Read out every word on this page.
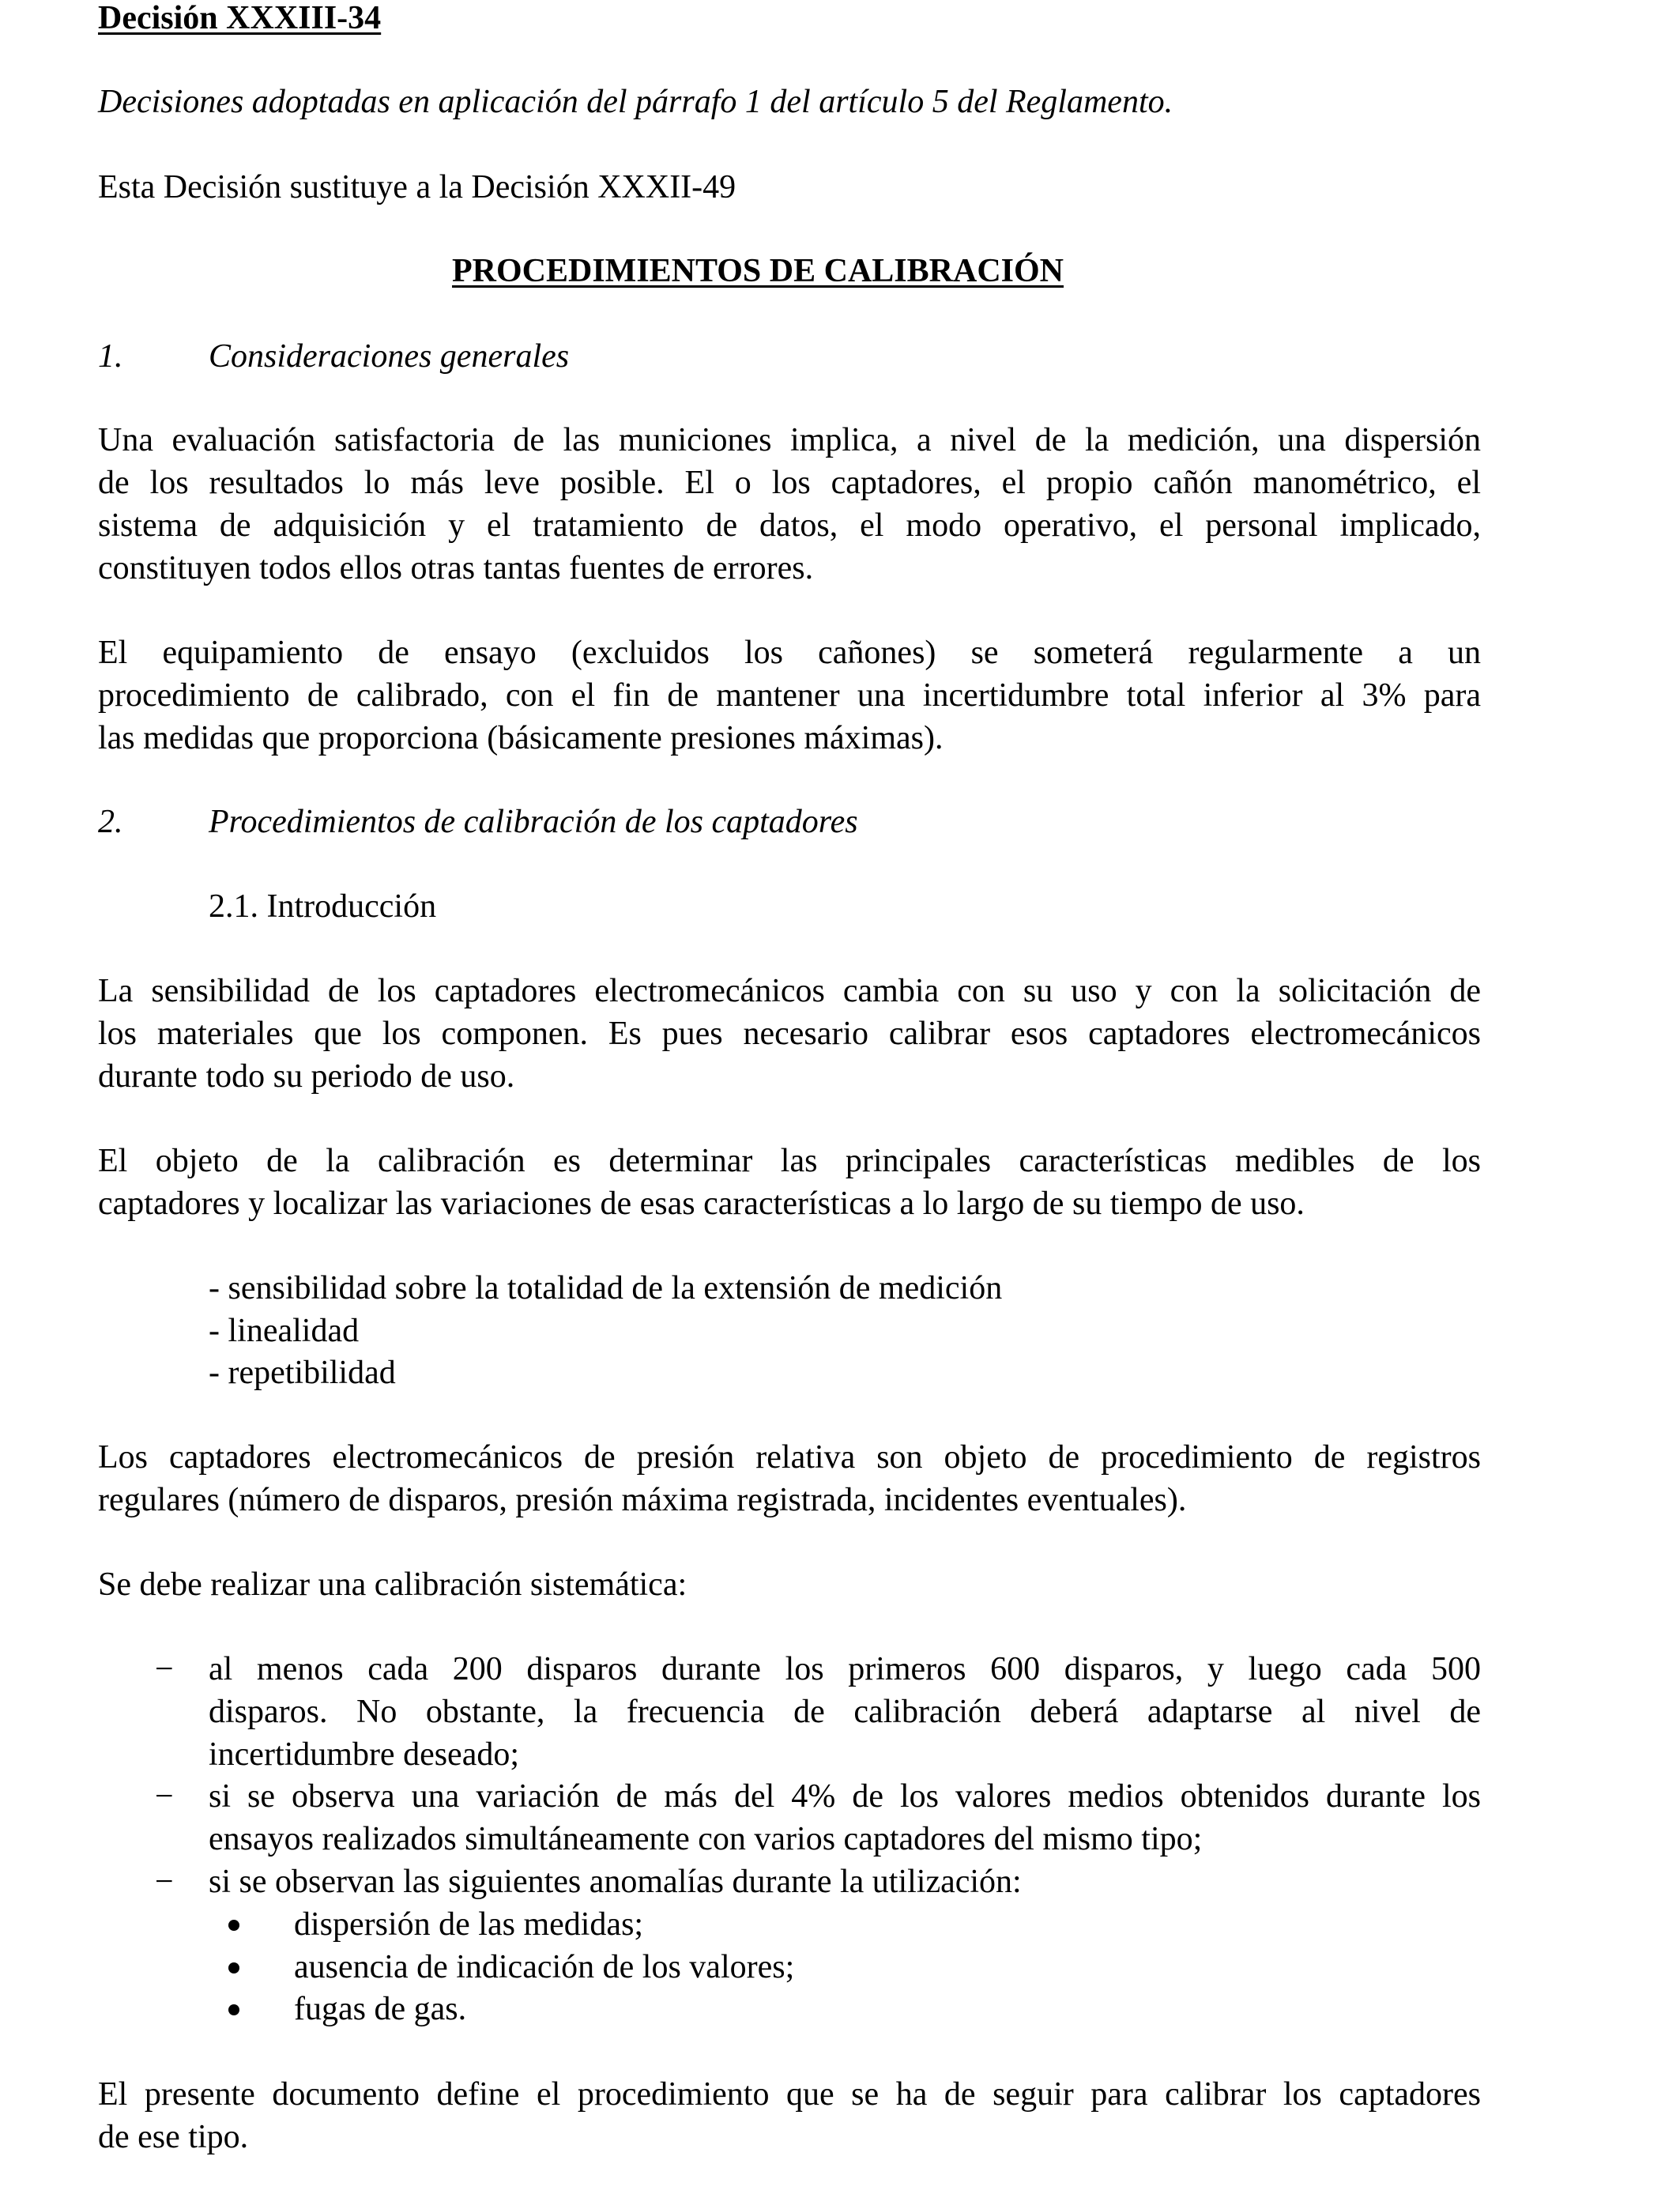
Decisión XXXIII-34
Decisiones adoptadas en aplicación del párrafo 1 del artículo 5 del Reglamento.
Esta Decisión sustituye a la Decisión XXXII-49
PROCEDIMIENTOS DE CALIBRACIÓN
1.	Consideraciones generales

Una evaluación satisfactoria de las municiones implica, a nivel de la medición, una dispersión

de los resultados lo más leve posible. El o los captadores, el propio cañón manométrico, el

sistema de adquisición y el tratamiento de datos, el modo operativo, el personal implicado,

constituyen todos ellos otras tantas fuentes de errores.

El equipamiento de ensayo (excluidos los cañones) se someterá regularmente a un

procedimiento de calibrado, con el fin de mantener una incertidumbre total inferior al 3% para

las medidas que proporciona (básicamente presiones máximas).

2.	Procedimientos de calibración de los captadores
2.1. Introducción

La sensibilidad de los captadores electromecánicos cambia con su uso y con la solicitación de

los materiales que los componen. Es pues necesario calibrar esos captadores electromecánicos

durante todo su periodo de uso.

El objeto de la calibración es determinar las principales características medibles de los

captadores y localizar las variaciones de esas características a lo largo de su tiempo de uso.

- sensibilidad sobre la totalidad de la extensión de medición
- linealidad
- repetibilidad

Los captadores electromecánicos de presión relativa son objeto de procedimiento de registros

regulares (número de disparos, presión máxima registrada, incidentes eventuales).

Se debe realizar una calibración sistemática:
− al menos cada 200 disparos durante los primeros 600 disparos, y luego cada 500

disparos. No obstante, la frecuencia de calibración deberá adaptarse al nivel de

incertidumbre deseado;

− si se observa una variación de más del 4% de los valores medios obtenidos durante los

ensayos realizados simultáneamente con varios captadores del mismo tipo;

− si se observan las siguientes anomalías durante la utilización:

dispersión de las medidas;
ausencia de indicación de los valores;
fugas de gas.

El presente documento define el procedimiento que se ha de seguir para calibrar los captadores

de ese tipo.
